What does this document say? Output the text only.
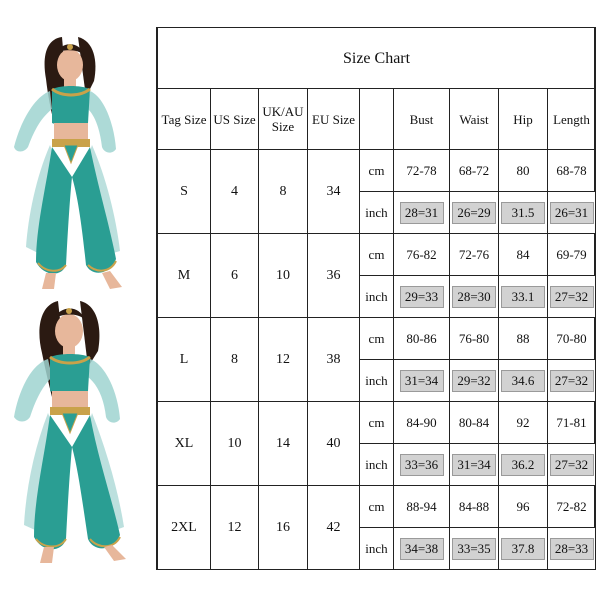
Size Chart								
Tag Size	US Size	UK/AU Size	EU Size		Bust	Waist	Hip	Length
S	4	8	34	cm	72-78	68-72	80	68-78
				inch	28=31	26=29	31.5	26=31
M	6	10	36	cm	76-82	72-76	84	69-79
				inch	29=33	28=30	33.1	27=32
L	8	12	38	cm	80-86	76-80	88	70-80
				inch	31=34	29=32	34.6	27=32
XL	10	14	40	cm	84-90	80-84	92	71-81
				inch	33=36	31=34	36.2	27=32
2XL	12	16	42	cm	88-94	84-88	96	72-82
				inch	34=38	33=35	37.8	28=33
